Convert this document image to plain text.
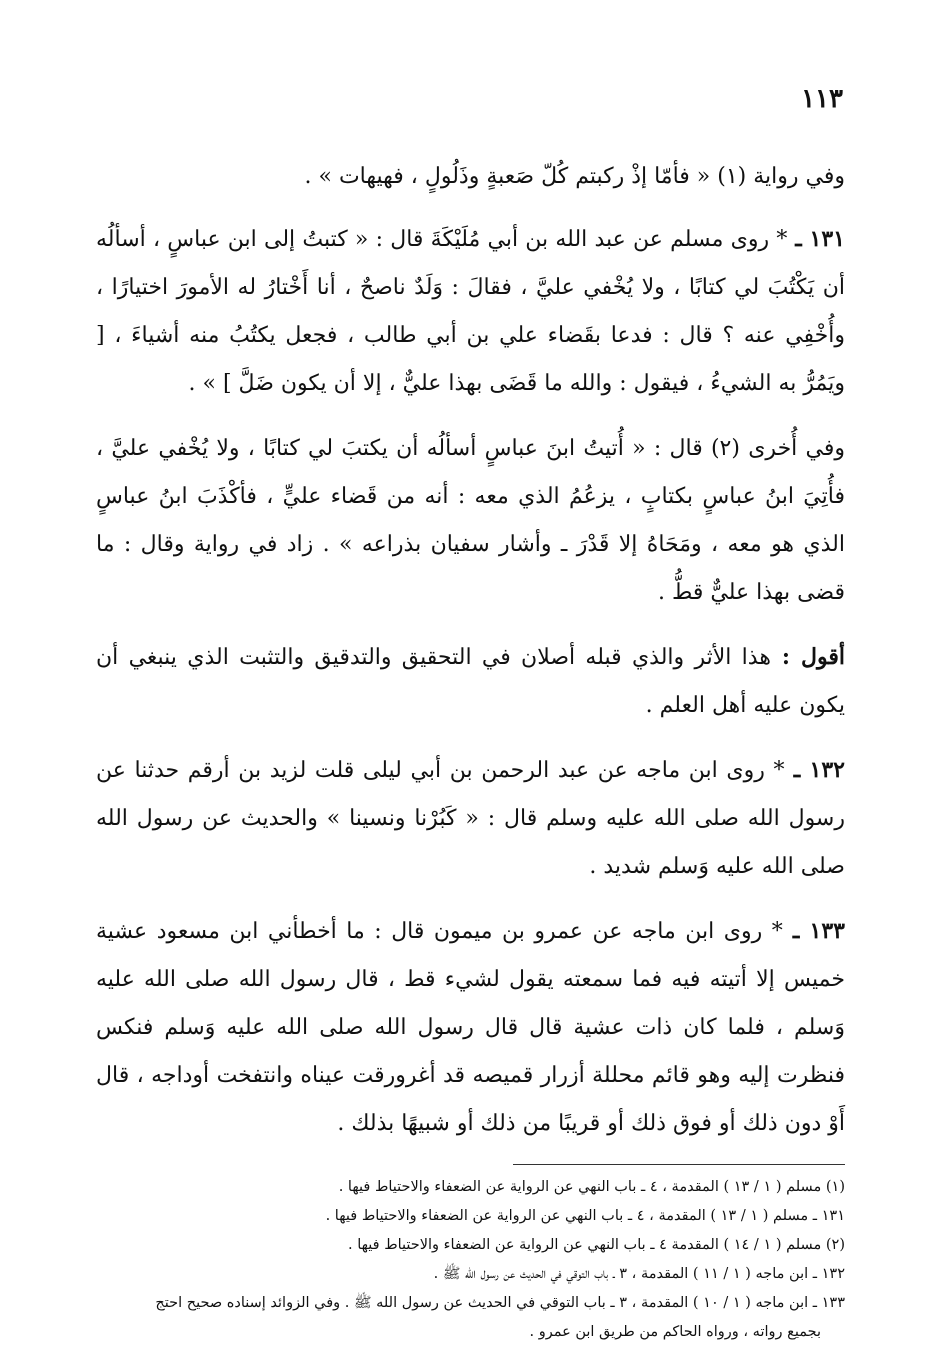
١١٣

وفي رواية (١) « فأمّا إذْ ركبتم كُلّ صَعبةٍ وذَلُولٍ ، فهيهات » .

١٣١ ـ * روى مسلم عن عبد الله بن أبي مُلَيْكَةَ قال : « كتبتُ إلى ابن عباسٍ ، أسألُه أن يَكْتُبَ لي كتابًا ، ولا يُخْفي عليَّ ، فقالَ : وَلَدٌ ناصحٌ ، أنا أَخْتارُ له الأمورَ اختيارًا ، وأُخْفِي عنه ؟ قال : فدعا بقَضاء علي بن أبي طالب ، فجعل يكتُبُ منه أشياءَ ، [ ويَمُرُّ به الشيءُ ، فيقول : والله ما قَضَى بهذا عليٌّ ، إلا أن يكون ضَلَّ ] » .

وفي أُخرى (٢) قال : « أُتيتُ ابنَ عباسٍ أسألُه أن يكتبَ لي كتابًا ، ولا يُخْفي عليَّ ، فأُتِيَ ابنُ عباسٍ بكتابٍ ، يزعُمُ الذي معه : أنه من قَضاء عليٍّ ، فأكْذَبَ ابنُ عباسٍ الذي هو معه ، ومَحَاهُ إلا قَدْرَ ـ وأشار سفيان بذراعه » . زاد في رواية وقال : ما قضى بهذا عليٌّ قطُّ .

أقول : هذا الأثر والذي قبله أصلان في التحقيق والتدقيق والتثبت الذي ينبغي أن يكون عليه أهل العلم .

١٣٢ ـ * روى ابن ماجه عن عبد الرحمن بن أبي ليلى قلت لزيد بن أرقم حدثنا عن رسول الله صلى الله عليه وسلم قال : « كَبُرْنا ونسينا » والحديث عن رسول الله صلى الله عليه وَسلم شديد .

١٣٣ ـ * روى ابن ماجه عن عمرو بن ميمون قال : ما أخطأني ابن مسعود عشية خميس إلا أتيته فيه فما سمعته يقول لشيء قط ، قال رسول الله صلى الله عليه وَسلم ، فلما كان ذات عشية قال قال رسول الله صلى الله عليه وَسلم فنكس فنظرت إليه وهو قائم محللة أزرار قميصه قد أغرورقت عيناه وانتفخت أوداجه ، قال أَوْ دون ذلك أو فوق ذلك أو قريبًا من ذلك أو شبيهًا بذلك .

(١) مسلم ( ١ / ١٣ ) المقدمة ، ٤ ـ باب النهي عن الرواية عن الضعفاء والاحتياط فيها .

١٣١ ـ مسلم ( ١ / ١٣ ) المقدمة ، ٤ ـ باب النهي عن الرواية عن الضعفاء والاحتياط فيها .

(٢) مسلم ( ١ / ١٤ ) المقدمة ٤ ـ باب النهي عن الرواية عن الضعفاء والاحتياط فيها .

١٣٢ ـ ابن ماجه ( ١ / ١١ ) المقدمة ، ٣ ـ باب التوقي في الحديث عن رسول الله ﷺ .

١٣٣ ـ ابن ماجه ( ١ / ١٠ ) المقدمة ، ٣ ـ باب التوقي في الحديث عن رسول الله ﷺ . وفي الزوائد إسناده صحيح احتج

بجميع رواته ، ورواه الحاكم من طريق ابن عمرو .
